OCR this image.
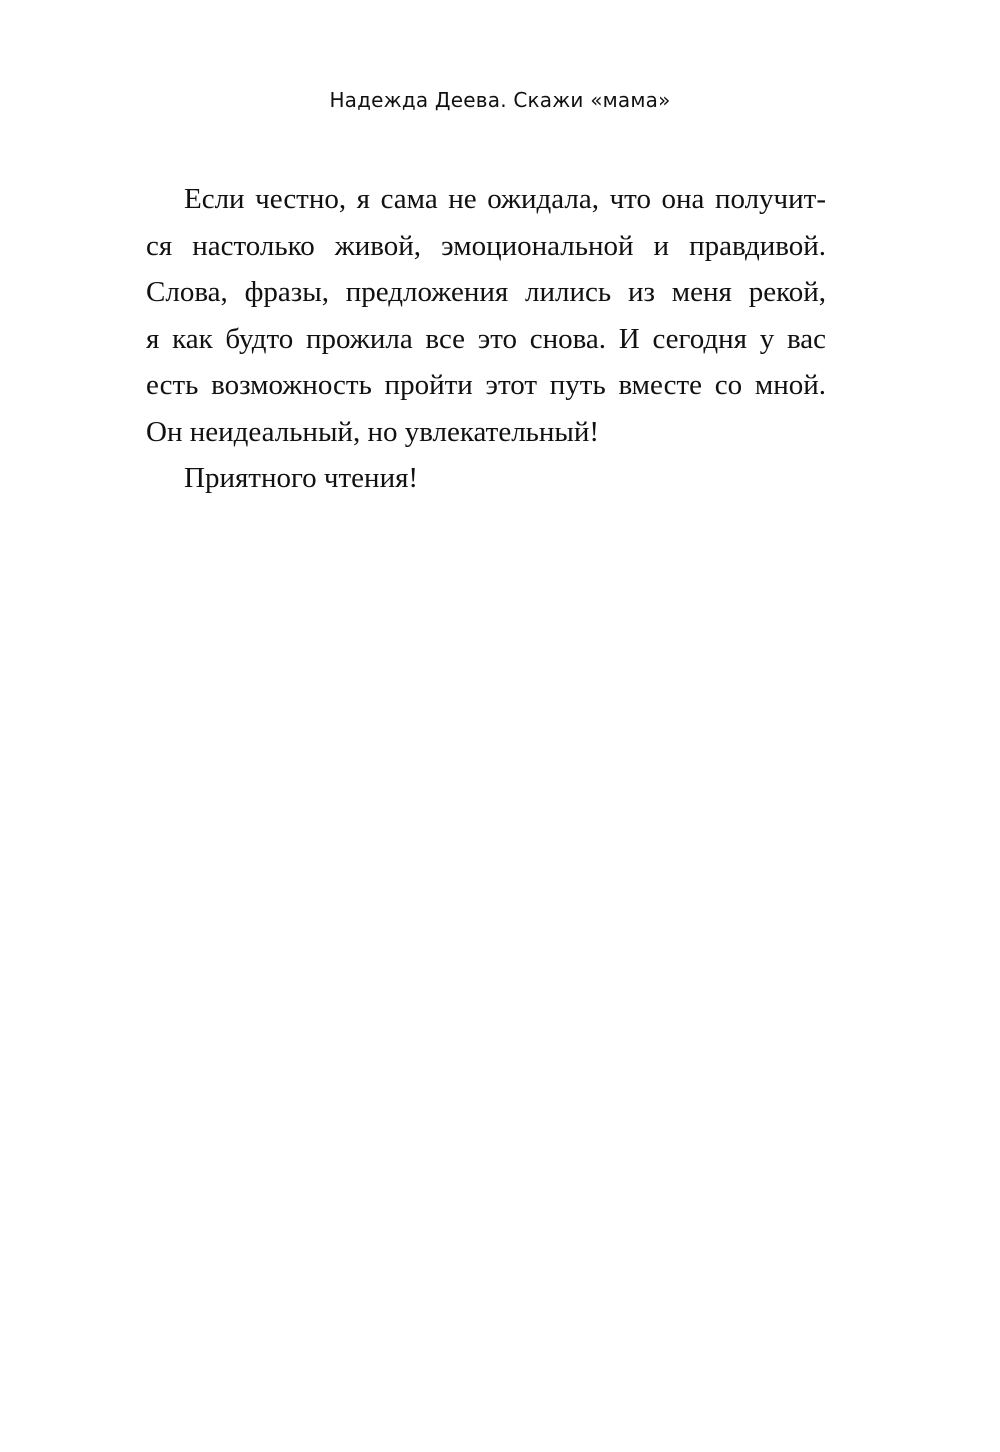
Надежда Деева. Скажи «мама»
Если честно, я сама не ожидала, что она получит-
ся настолько живой, эмоциональной и правдивой.
Слова, фразы, предложения лились из меня рекой,
я как будто прожила все это снова. И сегодня у вас
есть возможность пройти этот путь вместе со мной.
Он неидеальный, но увлекательный!
Приятного чтения!
